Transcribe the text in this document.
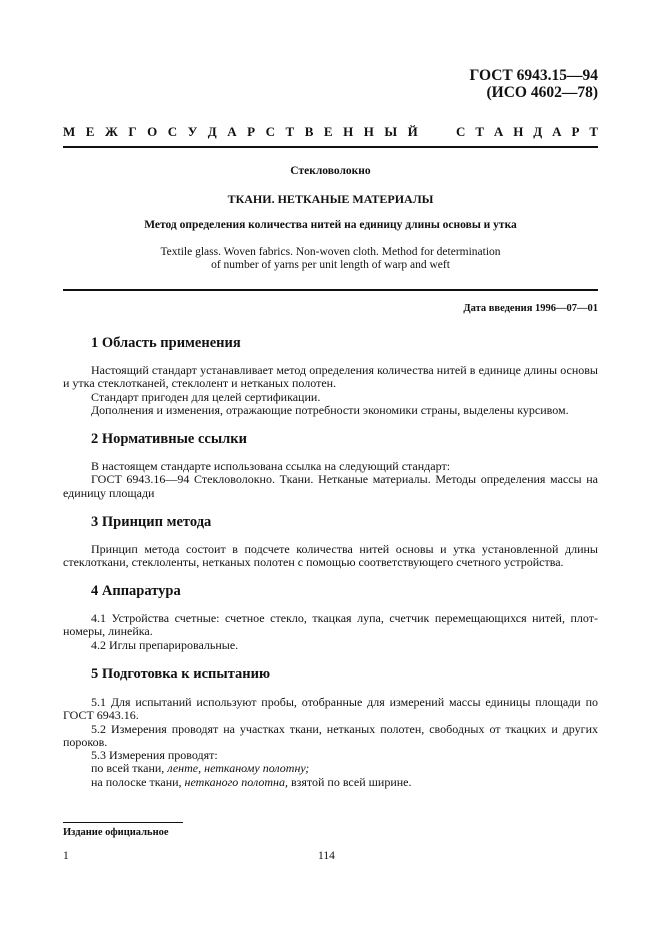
ГОСТ 6943.15—94
(ИСО 4602—78)
М Е Ж Г О С У Д А Р С Т В Е Н Н Ы Й	С Т А Н Д А Р Т
Стекловолокно
ТКАНИ. НЕТКАНЫЕ МАТЕРИАЛЫ
Метод определения количества нитей на единицу длины основы и утка
Textile glass. Woven fabrics. Non-woven cloth. Method for determination
of number of yarns per unit length of warp and weft
Дата введения 1996—07—01
1 Область применения
Настоящий стандарт устанавливает метод определения количества нитей в единице длины основы и утка стеклотканей, стеклолент и нетканых полотен.
Стандарт пригоден для целей сертификации.
Дополнения и изменения, отражающие потребности экономики страны, выделены курсивом.
2 Нормативные ссылки
В настоящем стандарте использована ссылка на следующий стандарт:
ГОСТ 6943.16—94 Стекловолокно. Ткани. Нетканые материалы. Методы определения массы на единицу площади
3 Принцип метода
Принцип метода состоит в подсчете количества нитей основы и утка установленной длины стеклоткани, стеклоленты, нетканых полотен с помощью соответствующего счетного устройства.
4 Аппаратура
4.1 Устройства счетные: счетное стекло, ткацкая лупа, счетчик перемещающихся нитей, плотномеры, линейка.
4.2 Иглы препарировальные.
5 Подготовка к испытанию
5.1 Для испытаний используют пробы, отобранные для измерений массы единицы площади по ГОСТ 6943.16.
5.2 Измерения проводят на участках ткани, нетканых полотен, свободных от ткацких и других пороков.
5.3 Измерения проводят:
по всей ткани, ленте, нетканому полотну;
на полоске ткани, нетканого полотна, взятой по всей ширине.
Издание официальное
1	114
